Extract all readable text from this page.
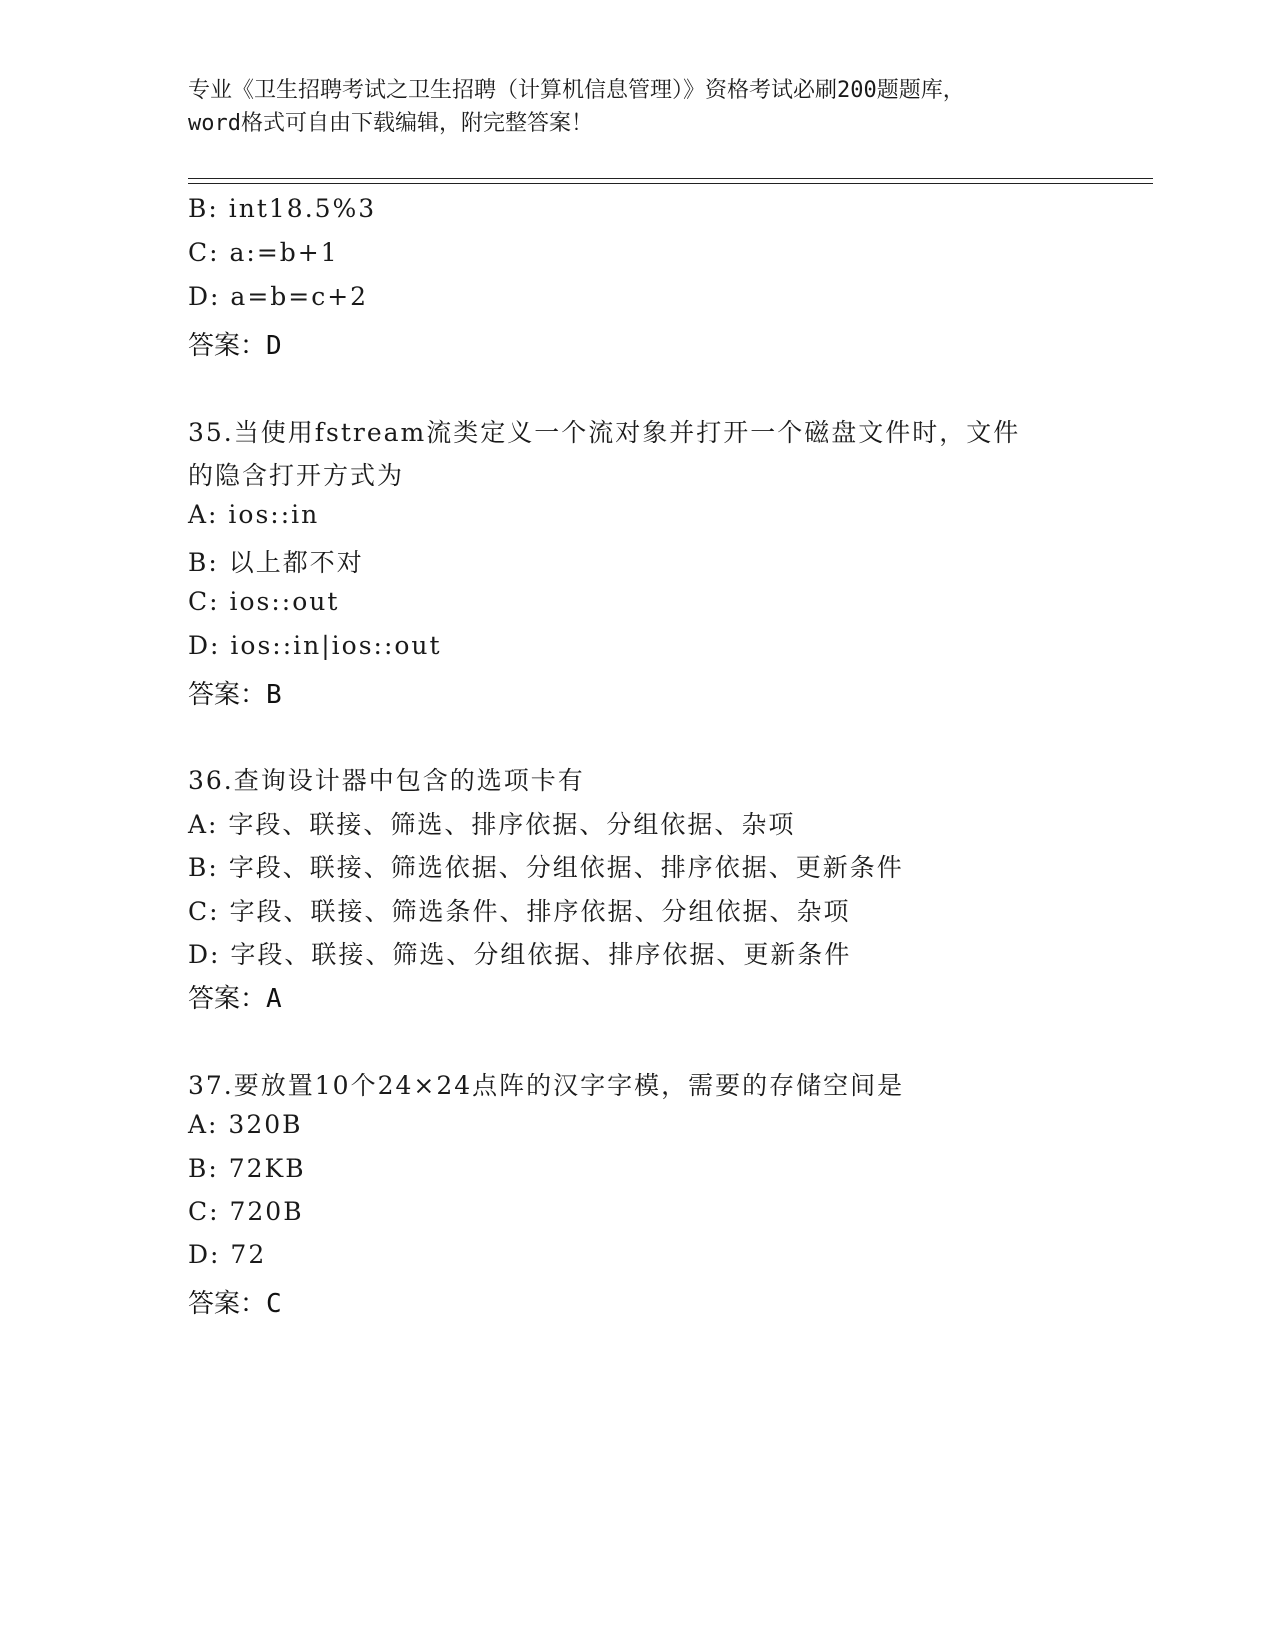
专业《卫生招聘考试之卫生招聘（计算机信息管理）》资格考试必刷200题题库，
word格式可自由下载编辑，附完整答案！
B: int18.5%3
C: a:=b+1
D: a=b=c+2
答案：D
35.当使用fstream流类定义一个流对象并打开一个磁盘文件时，文件
的隐含打开方式为
A: ios::in
B: 以上都不对
C: ios::out
D: ios::in|ios::out
答案：B
36.查询设计器中包含的选项卡有
A: 字段、联接、筛选、排序依据、分组依据、杂项
B: 字段、联接、筛选依据、分组依据、排序依据、更新条件
C: 字段、联接、筛选条件、排序依据、分组依据、杂项
D: 字段、联接、筛选、分组依据、排序依据、更新条件
答案：A
37.要放置10个24×24点阵的汉字字模，需要的存储空间是
A: 320B
B: 72KB
C: 720B
D: 72
答案：C
